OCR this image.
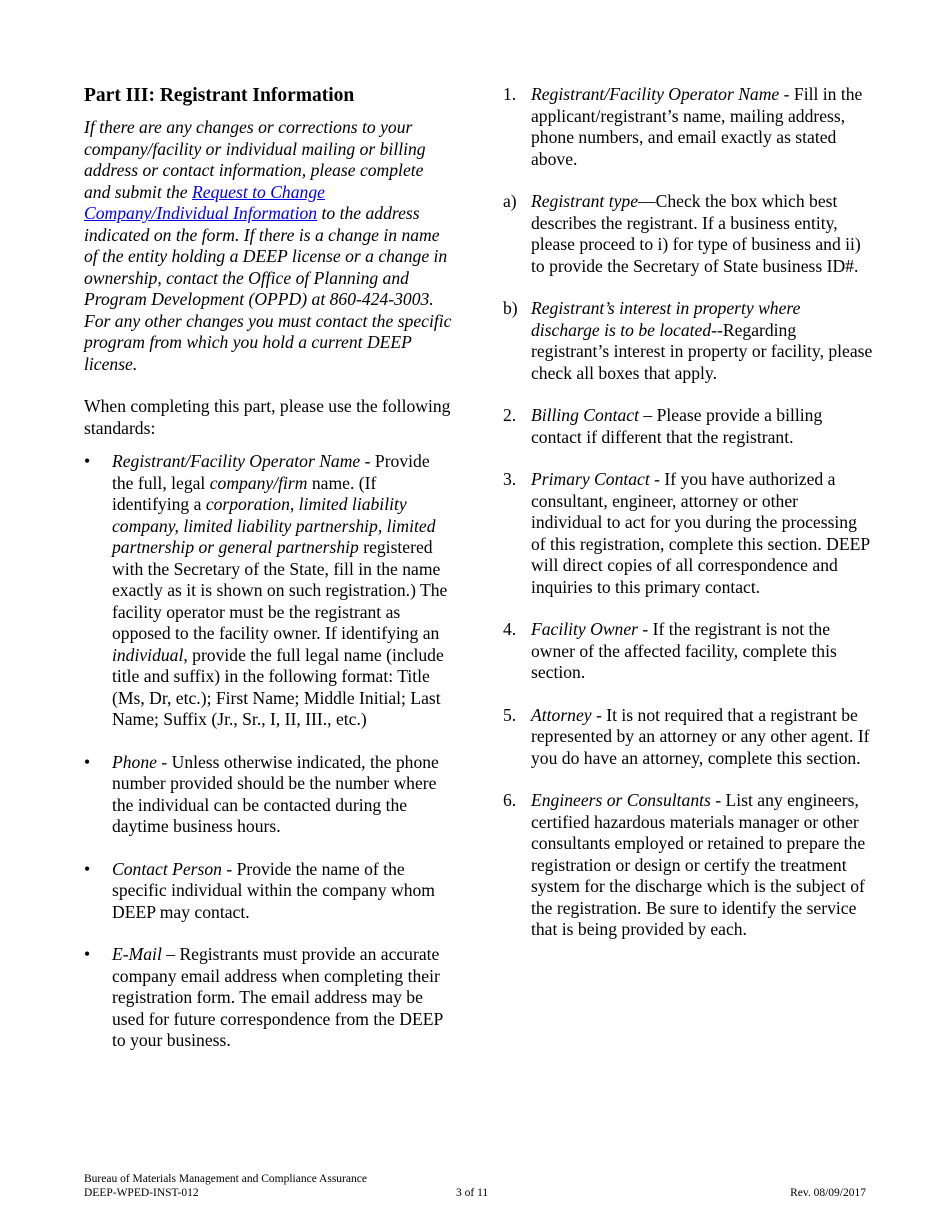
Part III: Registrant Information

If there are any changes or corrections to your company/facility or individual mailing or billing address or contact information, please complete and submit the Request to Change Company/Individual Information to the address indicated on the form. If there is a change in name of the entity holding a DEEP license or a change in ownership, contact the Office of Planning and Program Development (OPPD) at 860-424-3003. For any other changes you must contact the specific program from which you hold a current DEEP license.

When completing this part, please use the following standards:

• Registrant/Facility Operator Name - Provide the full, legal company/firm name. (If identifying a corporation, limited liability company, limited liability partnership, limited partnership or general partnership registered with the Secretary of the State, fill in the name exactly as it is shown on such registration.) The facility operator must be the registrant as opposed to the facility owner. If identifying an individual, provide the full legal name (include title and suffix) in the following format: Title (Ms, Dr, etc.); First Name; Middle Initial; Last Name; Suffix (Jr., Sr., I, II, III., etc.)
• Phone - Unless otherwise indicated, the phone number provided should be the number where the individual can be contacted during the daytime business hours.
• Contact Person - Provide the name of the specific individual within the company whom DEEP may contact.
• E-Mail – Registrants must provide an accurate company email address when completing their registration form. The email address may be used for future correspondence from the DEEP to your business.
1. Registrant/Facility Operator Name - Fill in the applicant/registrant’s name, mailing address, phone numbers, and email exactly as stated above.
a) Registrant type—Check the box which best describes the registrant. If a business entity, please proceed to i) for type of business and ii) to provide the Secretary of State business ID#.
b) Registrant’s interest in property where discharge is to be located--Regarding registrant’s interest in property or facility, please check all boxes that apply.
2. Billing Contact – Please provide a billing contact if different that the registrant.
3. Primary Contact - If you have authorized a consultant, engineer, attorney or other individual to act for you during the processing of this registration, complete this section. DEEP will direct copies of all correspondence and inquiries to this primary contact.
4. Facility Owner - If the registrant is not the owner of the affected facility, complete this section.
5. Attorney - It is not required that a registrant be represented by an attorney or any other agent. If you do have an attorney, complete this section.
6. Engineers or Consultants - List any engineers, certified hazardous materials manager or other consultants employed or retained to prepare the registration or design or certify the treatment system for the discharge which is the subject of the registration. Be sure to identify the service that is being provided by each.
Bureau of Materials Management and Compliance Assurance
DEEP-WPED-INST-012	Rev. 08/09/2017
3 of 11
